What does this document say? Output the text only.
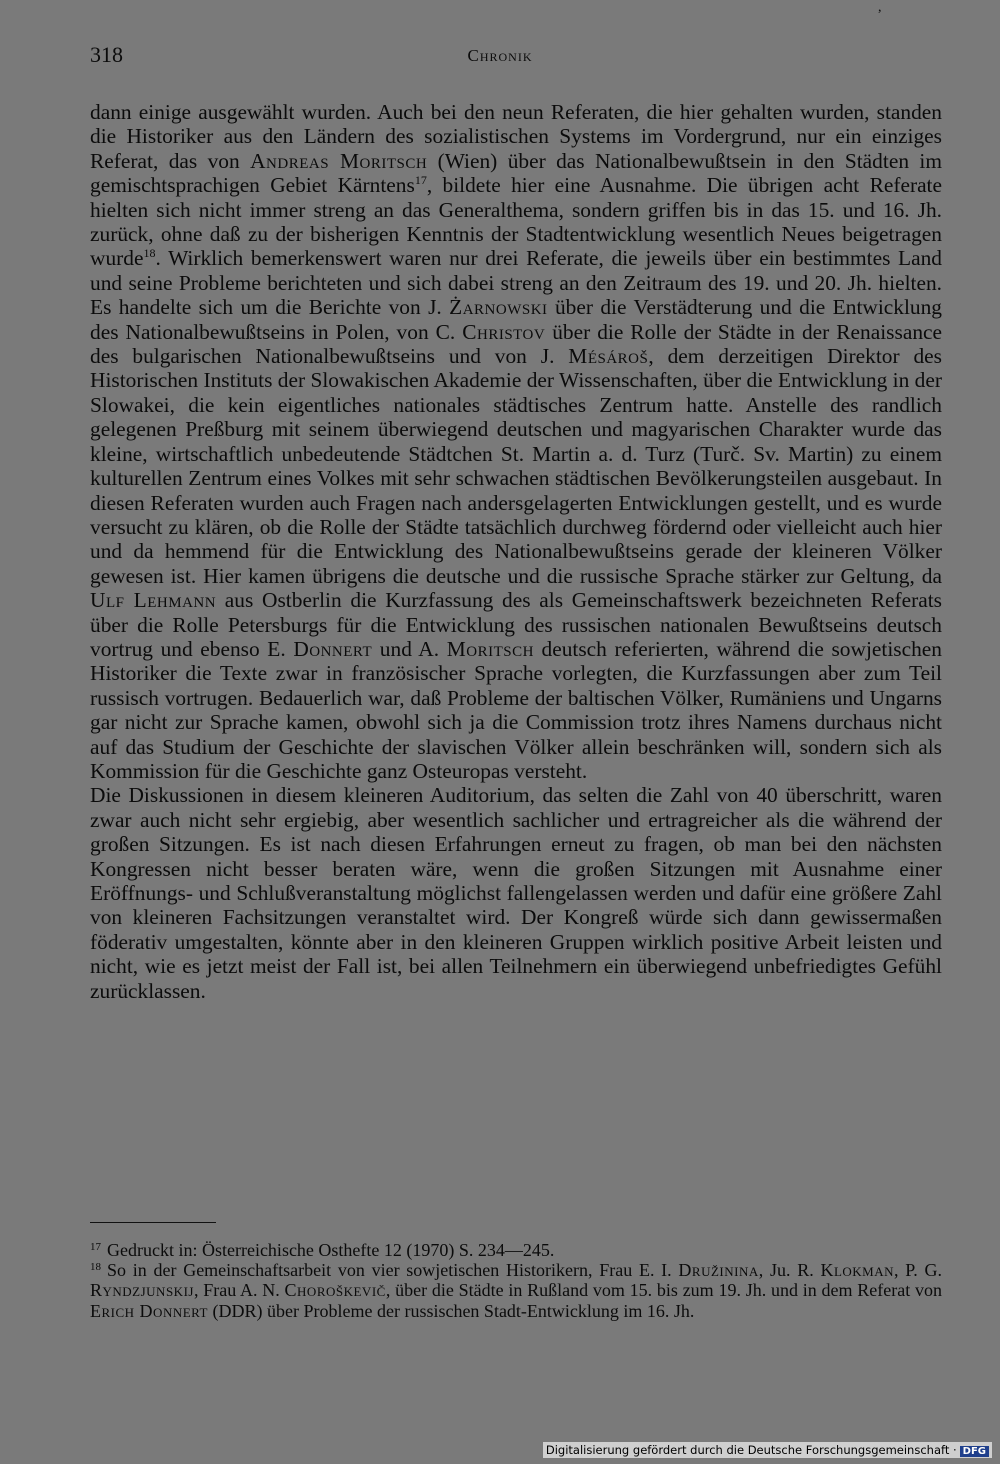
,
318	Chronik

dann einige ausgewählt wurden. Auch bei den neun Referaten, die hier gehalten wurden, standen die Historiker aus den Ländern des sozialistischen Systems im Vordergrund, nur ein einziges Referat, das von Andreas Moritsch (Wien) über das Nationalbewußtsein in den Städten im gemischtsprachigen Gebiet Kärntens$^{17}$, bildete hier eine Ausnahme. Die übrigen acht Referate hielten sich nicht immer streng an das Generalthema, sondern griffen bis in das 15. und 16. Jh. zurück, ohne daß zu der bisherigen Kenntnis der Stadtentwicklung wesentlich Neues beigetragen wurde$^{18}$. Wirklich bemerkenswert waren nur drei Referate, die jeweils über ein bestimmtes Land und seine Probleme berichteten und sich dabei streng an den Zeitraum des 19. und 20. Jh. hielten. Es handelte sich um die Berichte von J. Żarnowski über die Verstädterung und die Entwicklung des Nationalbewußtseins in Polen, von C. Christov über die Rolle der Städte in der Renaissance des bulgarischen Nationalbewußtseins und von J. Mésároš, dem derzeitigen Direktor des Historischen Instituts der Slowakischen Akademie der Wissenschaften, über die Entwicklung in der Slowakei, die kein eigentliches nationales städtisches Zentrum hatte. Anstelle des randlich gelegenen Preßburg mit seinem überwiegend deutschen und magyarischen Charakter wurde das kleine, wirtschaftlich unbedeutende Städtchen St. Martin a. d. Turz (Turč. Sv. Martin) zu einem kulturellen Zentrum eines Volkes mit sehr schwachen städtischen Bevölkerungsteilen ausgebaut. In diesen Referaten wurden auch Fragen nach andersgelagerten Entwicklungen gestellt, und es wurde versucht zu klären, ob die Rolle der Städte tatsächlich durchweg fördernd oder vielleicht auch hier und da hemmend für die Entwicklung des Nationalbewußtseins gerade der kleineren Völker gewesen ist. Hier kamen übrigens die deutsche und die russische Sprache stärker zur Geltung, da Ulf Lehmann aus Ostberlin die Kurzfassung des als Gemeinschaftswerk bezeichneten Referats über die Rolle Petersburgs für die Entwicklung des russischen nationalen Bewußtseins deutsch vortrug und ebenso E. Donnert und A. Moritsch deutsch referierten, während die sowjetischen Historiker die Texte zwar in französischer Sprache vorlegten, die Kurzfassungen aber zum Teil russisch vortrugen. Bedauerlich war, daß Probleme der baltischen Völker, Rumäniens und Ungarns gar nicht zur Sprache kamen, obwohl sich ja die Commission trotz ihres Namens durchaus nicht auf das Studium der Geschichte der slavischen Völker allein beschränken will, sondern sich als Kommission für die Geschichte ganz Osteuropas versteht.

Die Diskussionen in diesem kleineren Auditorium, das selten die Zahl von 40 überschritt, waren zwar auch nicht sehr ergiebig, aber wesentlich sachlicher und ertragreicher als die während der großen Sitzungen. Es ist nach diesen Erfahrungen erneut zu fragen, ob man bei den nächsten Kongressen nicht besser beraten wäre, wenn die großen Sitzungen mit Ausnahme einer Eröffnungs- und Schlußveranstaltung möglichst fallengelassen werden und dafür eine größere Zahl von kleineren Fachsitzungen veranstaltet wird. Der Kongreß würde sich dann gewissermaßen föderativ umgestalten, könnte aber in den kleineren Gruppen wirklich positive Arbeit leisten und nicht, wie es jetzt meist der Fall ist, bei allen Teilnehmern ein überwiegend unbefriedigtes Gefühl zurücklassen.

$^{17}$ Gedruckt in: Österreichische Osthefte 12 (1970) S. 234—245.

$^{18}$ So in der Gemeinschaftsarbeit von vier sowjetischen Historikern, Frau E. I. Družinina, Ju. R. Klokman, P. G. Ryndzjunskij, Frau A. N. Choroškevič, über die Städte in Rußland vom 15. bis zum 19. Jh. und in dem Referat von Erich Donnert (DDR) über Probleme der russischen Stadt-Entwicklung im 16. Jh.

Digitalisierung gefördert durch die Deutsche Forschungsgemeinschaft · DFG
